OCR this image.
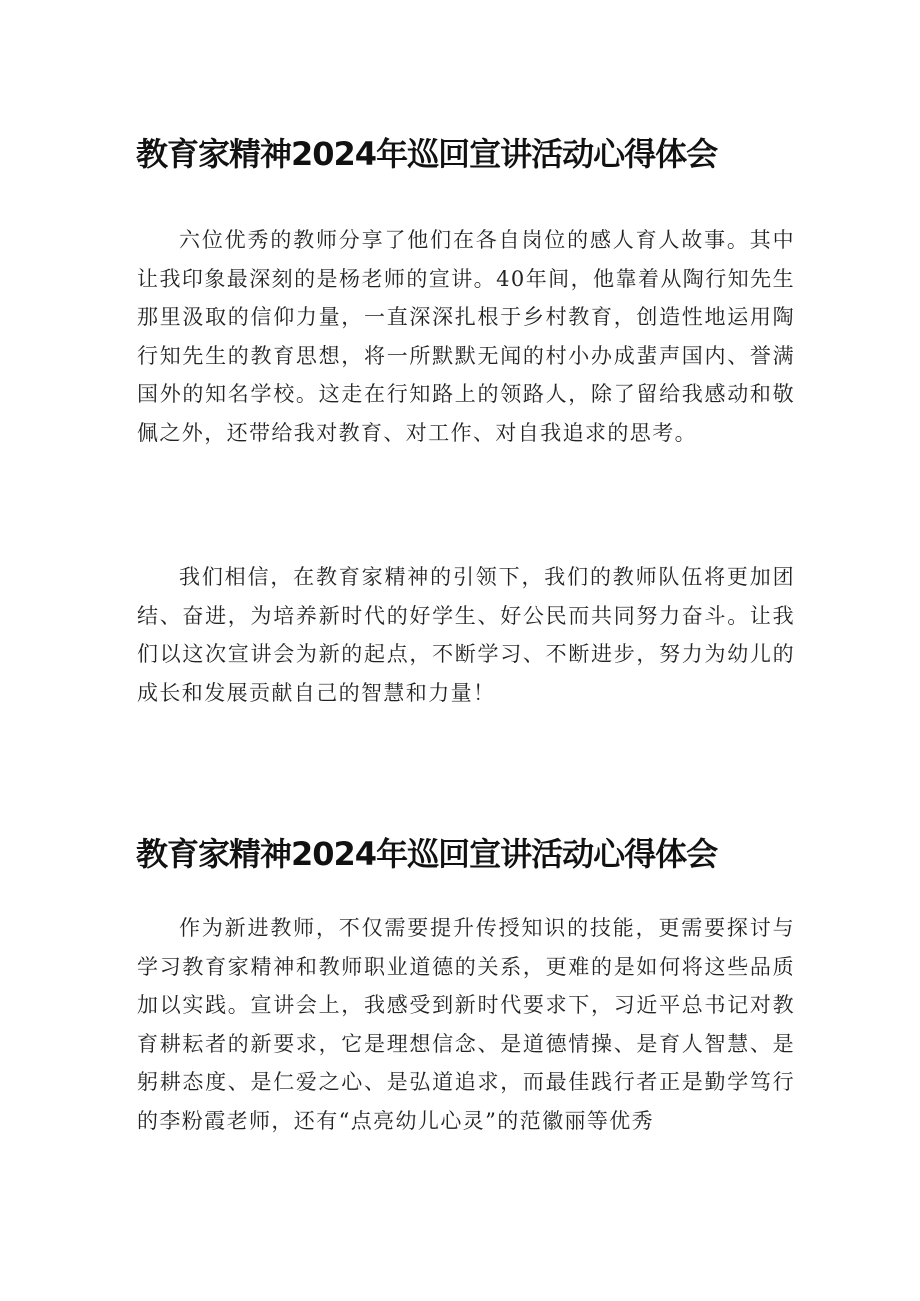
教育家精神2024年巡回宣讲活动心得体会

六位优秀的教师分享了他们在各自岗位的感人育人故事。其中让我印象最深刻的是杨老师的宣讲。40年间，他靠着从陶行知先生那里汲取的信仰力量，一直深深扎根于乡村教育，创造性地运用陶行知先生的教育思想，将一所默默无闻的村小办成蜚声国内、誉满国外的知名学校。这走在行知路上的领路人，除了留给我感动和敬佩之外，还带给我对教育、对工作、对自我追求的思考。

我们相信，在教育家精神的引领下，我们的教师队伍将更加团结、奋进，为培养新时代的好学生、好公民而共同努力奋斗。让我们以这次宣讲会为新的起点，不断学习、不断进步，努力为幼儿的成长和发展贡献自己的智慧和力量！

教育家精神2024年巡回宣讲活动心得体会

作为新进教师，不仅需要提升传授知识的技能，更需要探讨与学习教育家精神和教师职业道德的关系，更难的是如何将这些品质加以实践。宣讲会上，我感受到新时代要求下，习近平总书记对教育耕耘者的新要求，它是理想信念、是道德情操、是育人智慧、是躬耕态度、是仁爱之心、是弘道追求，而最佳践行者正是勤学笃行的李粉霞老师，还有“点亮幼儿心灵”的范徽丽等优秀
